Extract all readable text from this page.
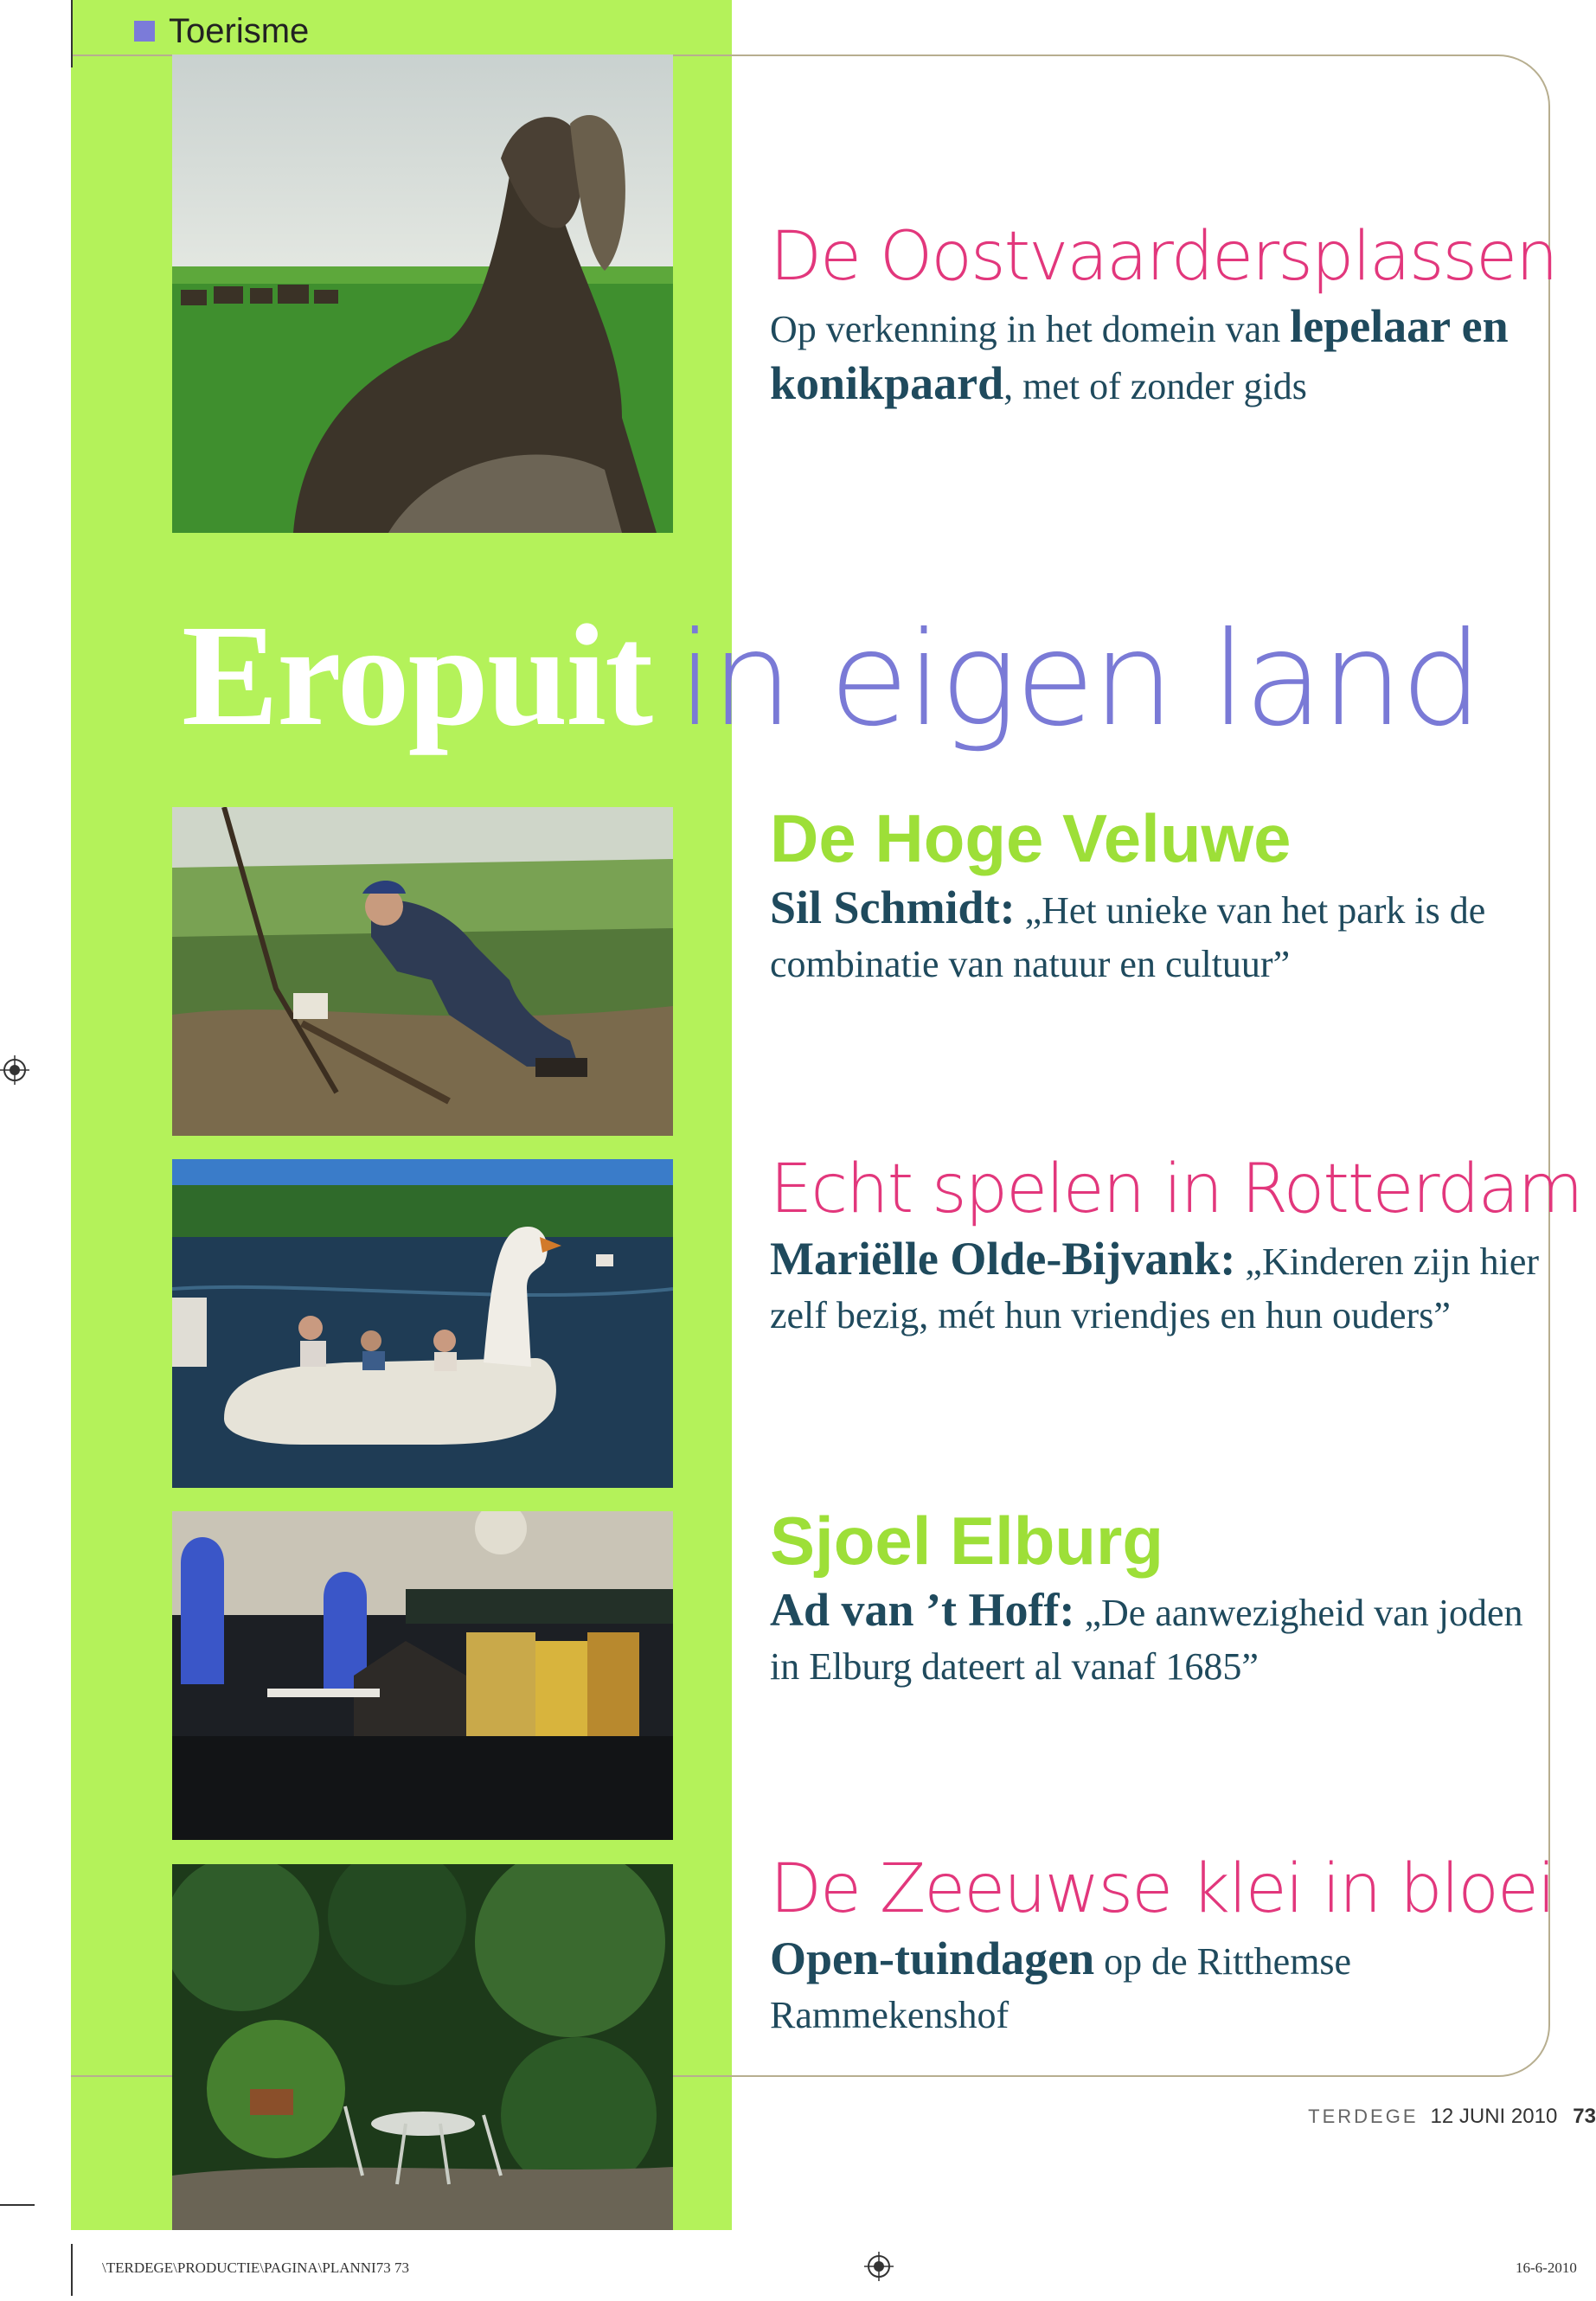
Toerisme
De Oostvaardersplassen
Op verkenning in het domein van lepelaar en konikpaard, met of zonder gids
Eropuit in eigen land
De Hoge Veluwe
Sil Schmidt: „Het unieke van het park is de combinatie van natuur en cultuur”
Echt spelen in Rotterdam
Mariëlle Olde-Bijvank: „Kinderen zijn hier zelf bezig, mét hun vriendjes en hun ouders”
Sjoel Elburg
Ad van ’t Hoff: „De aanwezigheid van joden in Elburg dateert al vanaf 1685”
De Zeeuwse klei in bloei
Open-tuindagen op de Ritthemse Rammekenshof
TERDEGE 12 JUNI 2010 73
\TERDEGE\PRODUCTIE\PAGINA\PLANNI73 73	16-6-2010
